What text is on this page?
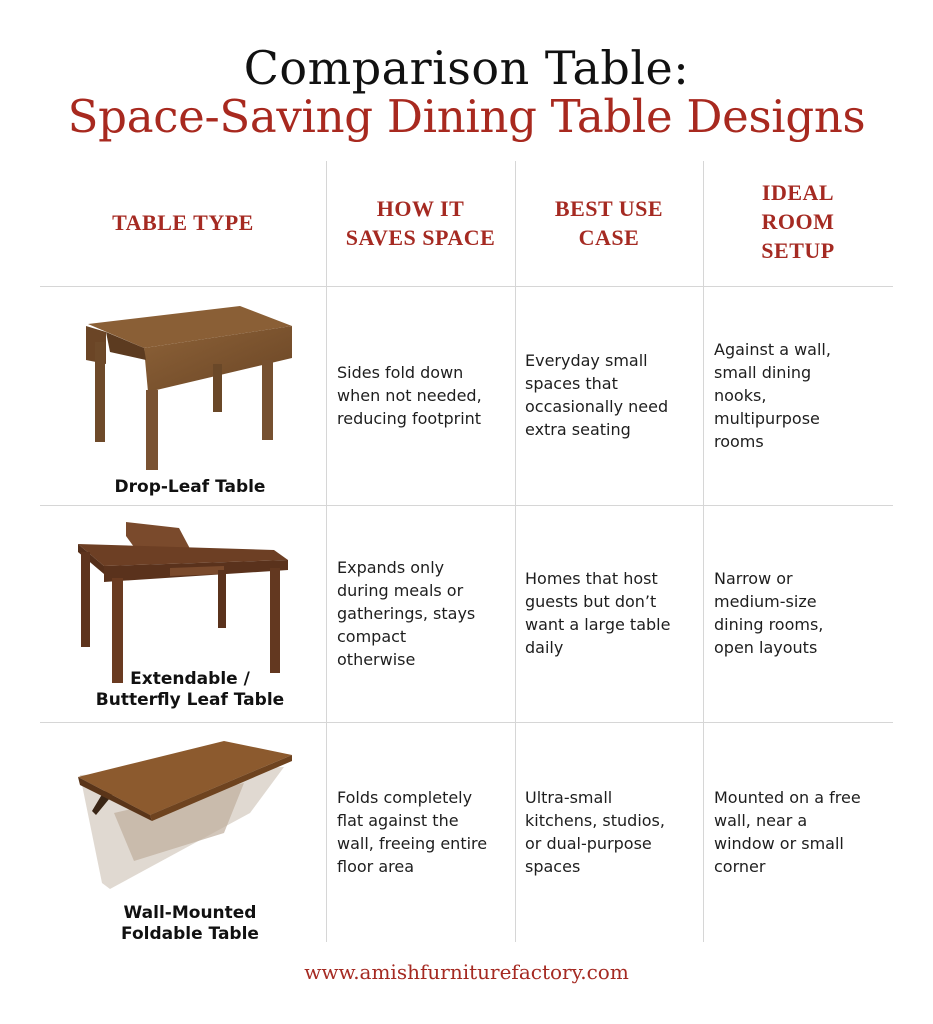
Comparison Table:
Space-Saving Dining Table Designs
TABLE TYPE
HOW IT
SAVES SPACE
BEST USE
CASE
IDEAL
ROOM
SETUP
Drop-Leaf Table
Sides fold down
when not needed,
reducing footprint
Everyday small
spaces that
occasionally need
extra seating
Against a wall,
small dining
nooks,
multipurpose
rooms
Extendable /
Butterfly Leaf Table
Expands only
during meals or
gatherings, stays
compact
otherwise
Homes that host
guests but don’t
want a large table
daily
Narrow or
medium-size
dining rooms,
open layouts
Wall-Mounted
Foldable Table
Folds completely
flat against the
wall, freeing entire
floor area
Ultra-small
kitchens, studios,
or dual-purpose
spaces
Mounted on a free
wall, near a
window or small
corner
www.amishfurniturefactory.com
